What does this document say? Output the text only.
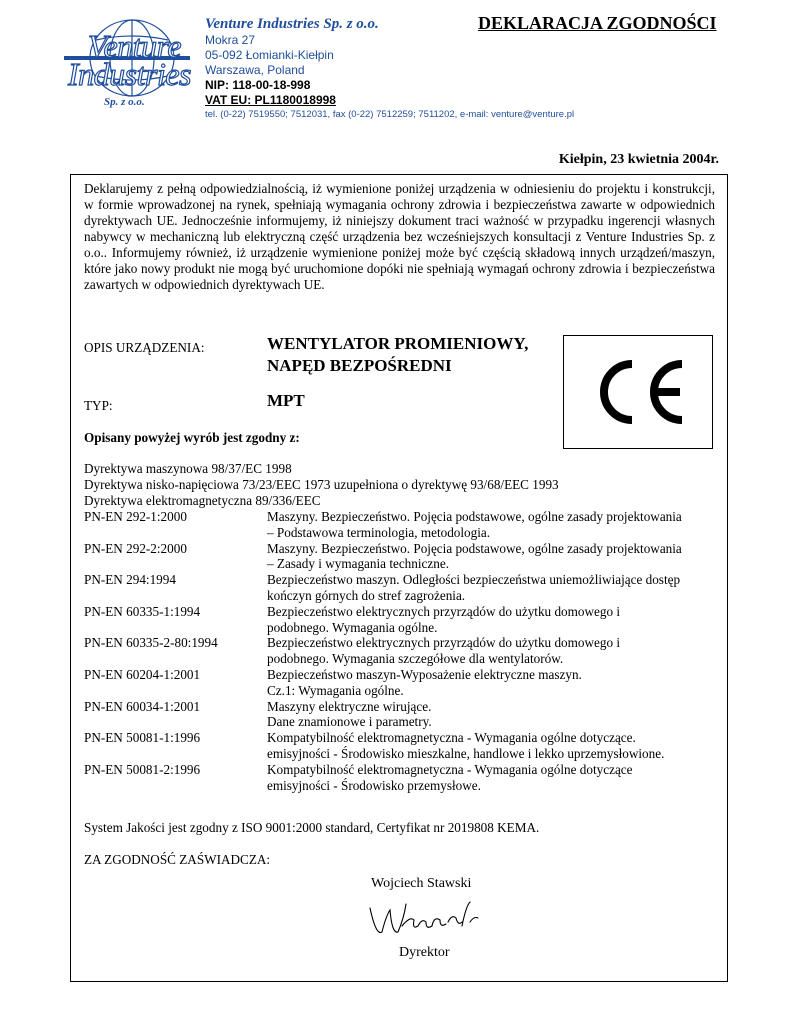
Venture
Industries
Sp. z o.o.
Venture Industries Sp. z o.o.
Mokra 27
05-092 Łomianki-Kiełpin
Warszawa, Poland
NIP: 118-00-18-998
VAT EU: PL1180018998
tel. (0-22) 7519550; 7512031, fax (0-22) 7512259; 7511202, e-mail: venture@venture.pl
DEKLARACJA ZGODNOŚCI
Kiełpin, 23 kwietnia 2004r.
Deklarujemy z pełną odpowiedzialnością, iż wymienione poniżej urządzenia w odniesieniu do projektu i konstrukcji, w formie wprowadzonej na rynek, spełniają wymagania ochrony zdrowia i bezpieczeństwa zawarte w odpowiednich dyrektywach UE. Jednocześnie informujemy, iż niniejszy dokument traci ważność w przypadku ingerencji własnych nabywcy w mechaniczną lub elektryczną część urządzenia bez wcześniejszych konsultacji z Venture Industries Sp. z o.o.. Informujemy również, iż urządzenie wymienione poniżej może być częścią składową innych urządzeń/maszyn, które jako nowy produkt nie mogą być uruchomione dopóki nie spełniają wymagań ochrony zdrowia i bezpieczeństwa zawartych w odpowiednich dyrektywach UE.
OPIS URZĄDZENIA:	WENTYLATOR PROMIENIOWY,
NAPĘD BEZPOŚREDNI
TYP:	MPT
Opisany powyżej wyrób jest zgodny z:
Dyrektywa maszynowa 98/37/EC 1998
Dyrektywa nisko-napięciowa 73/23/EEC 1973 uzupełniona o dyrektywę 93/68/EEC 1993
Dyrektywa elektromagnetyczna 89/336/EEC
PN-EN 292-1:2000	Maszyny. Bezpieczeństwo. Pojęcia podstawowe, ogólne zasady projektowania
– Podstawowa terminologia, metodologia.
PN-EN 292-2:2000	Maszyny. Bezpieczeństwo. Pojęcia podstawowe, ogólne zasady projektowania
– Zasady i wymagania techniczne.
PN-EN 294:1994	Bezpieczeństwo maszyn. Odległości bezpieczeństwa uniemożliwiające dostęp
kończyn górnych do stref zagrożenia.
PN-EN 60335-1:1994	Bezpieczeństwo elektrycznych przyrządów do użytku domowego i
podobnego. Wymagania ogólne.
PN-EN 60335-2-80:1994	Bezpieczeństwo elektrycznych przyrządów do użytku domowego i
podobnego. Wymagania szczegółowe dla wentylatorów.
PN-EN 60204-1:2001	Bezpieczeństwo maszyn-Wyposażenie elektryczne maszyn.
Cz.1: Wymagania ogólne.
PN-EN 60034-1:2001	Maszyny elektryczne wirujące.
Dane znamionowe i parametry.
PN-EN 50081-1:1996	Kompatybilność elektromagnetyczna - Wymagania ogólne dotyczące.
emisyjności - Środowisko mieszkalne, handlowe i lekko uprzemysłowione.
PN-EN 50081-2:1996	Kompatybilność elektromagnetyczna - Wymagania ogólne dotyczące
emisyjności - Środowisko przemysłowe.
System Jakości jest zgodny z ISO 9001:2000 standard, Certyfikat nr 2019808 KEMA.
ZA ZGODNOŚĆ ZAŚWIADCZA:
Wojciech Stawski
Dyrektor
